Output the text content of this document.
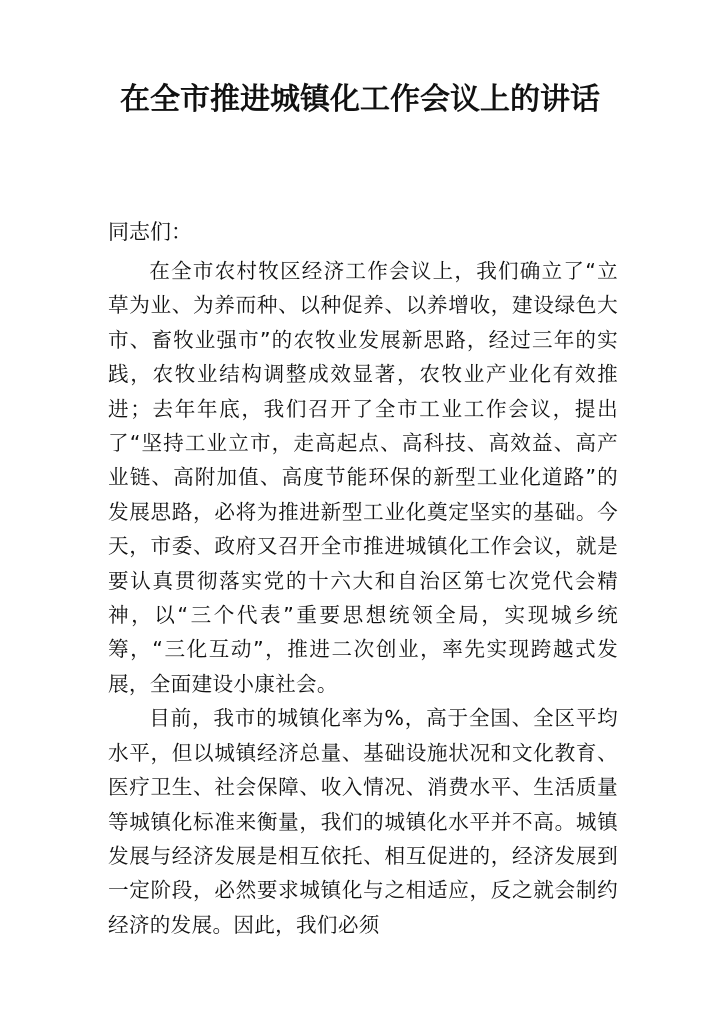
在全市推进城镇化工作会议上的讲话

同志们：

在全市农村牧区经济工作会议上，我们确立了“立草为业、为养而种、以种促养、以养增收，建设绿色大市、畜牧业强市”的农牧业发展新思路，经过三年的实践，农牧业结构调整成效显著，农牧业产业化有效推进；去年年底，我们召开了全市工业工作会议，提出了“坚持工业立市，走高起点、高科技、高效益、高产业链、高附加值、高度节能环保的新型工业化道路”的发展思路，必将为推进新型工业化奠定坚实的基础。今天，市委、政府又召开全市推进城镇化工作会议，就是要认真贯彻落实党的十六大和自治区第七次党代会精神，以“三个代表”重要思想统领全局，实现城乡统筹，“三化互动”，推进二次创业，率先实现跨越式发展，全面建设小康社会。

目前，我市的城镇化率为%，高于全国、全区平均水平，但以城镇经济总量、基础设施状况和文化教育、医疗卫生、社会保障、收入情况、消费水平、生活质量等城镇化标准来衡量，我们的城镇化水平并不高。城镇发展与经济发展是相互依托、相互促进的，经济发展到一定阶段，必然要求城镇化与之相适应，反之就会制约经济的发展。因此，我们必须
